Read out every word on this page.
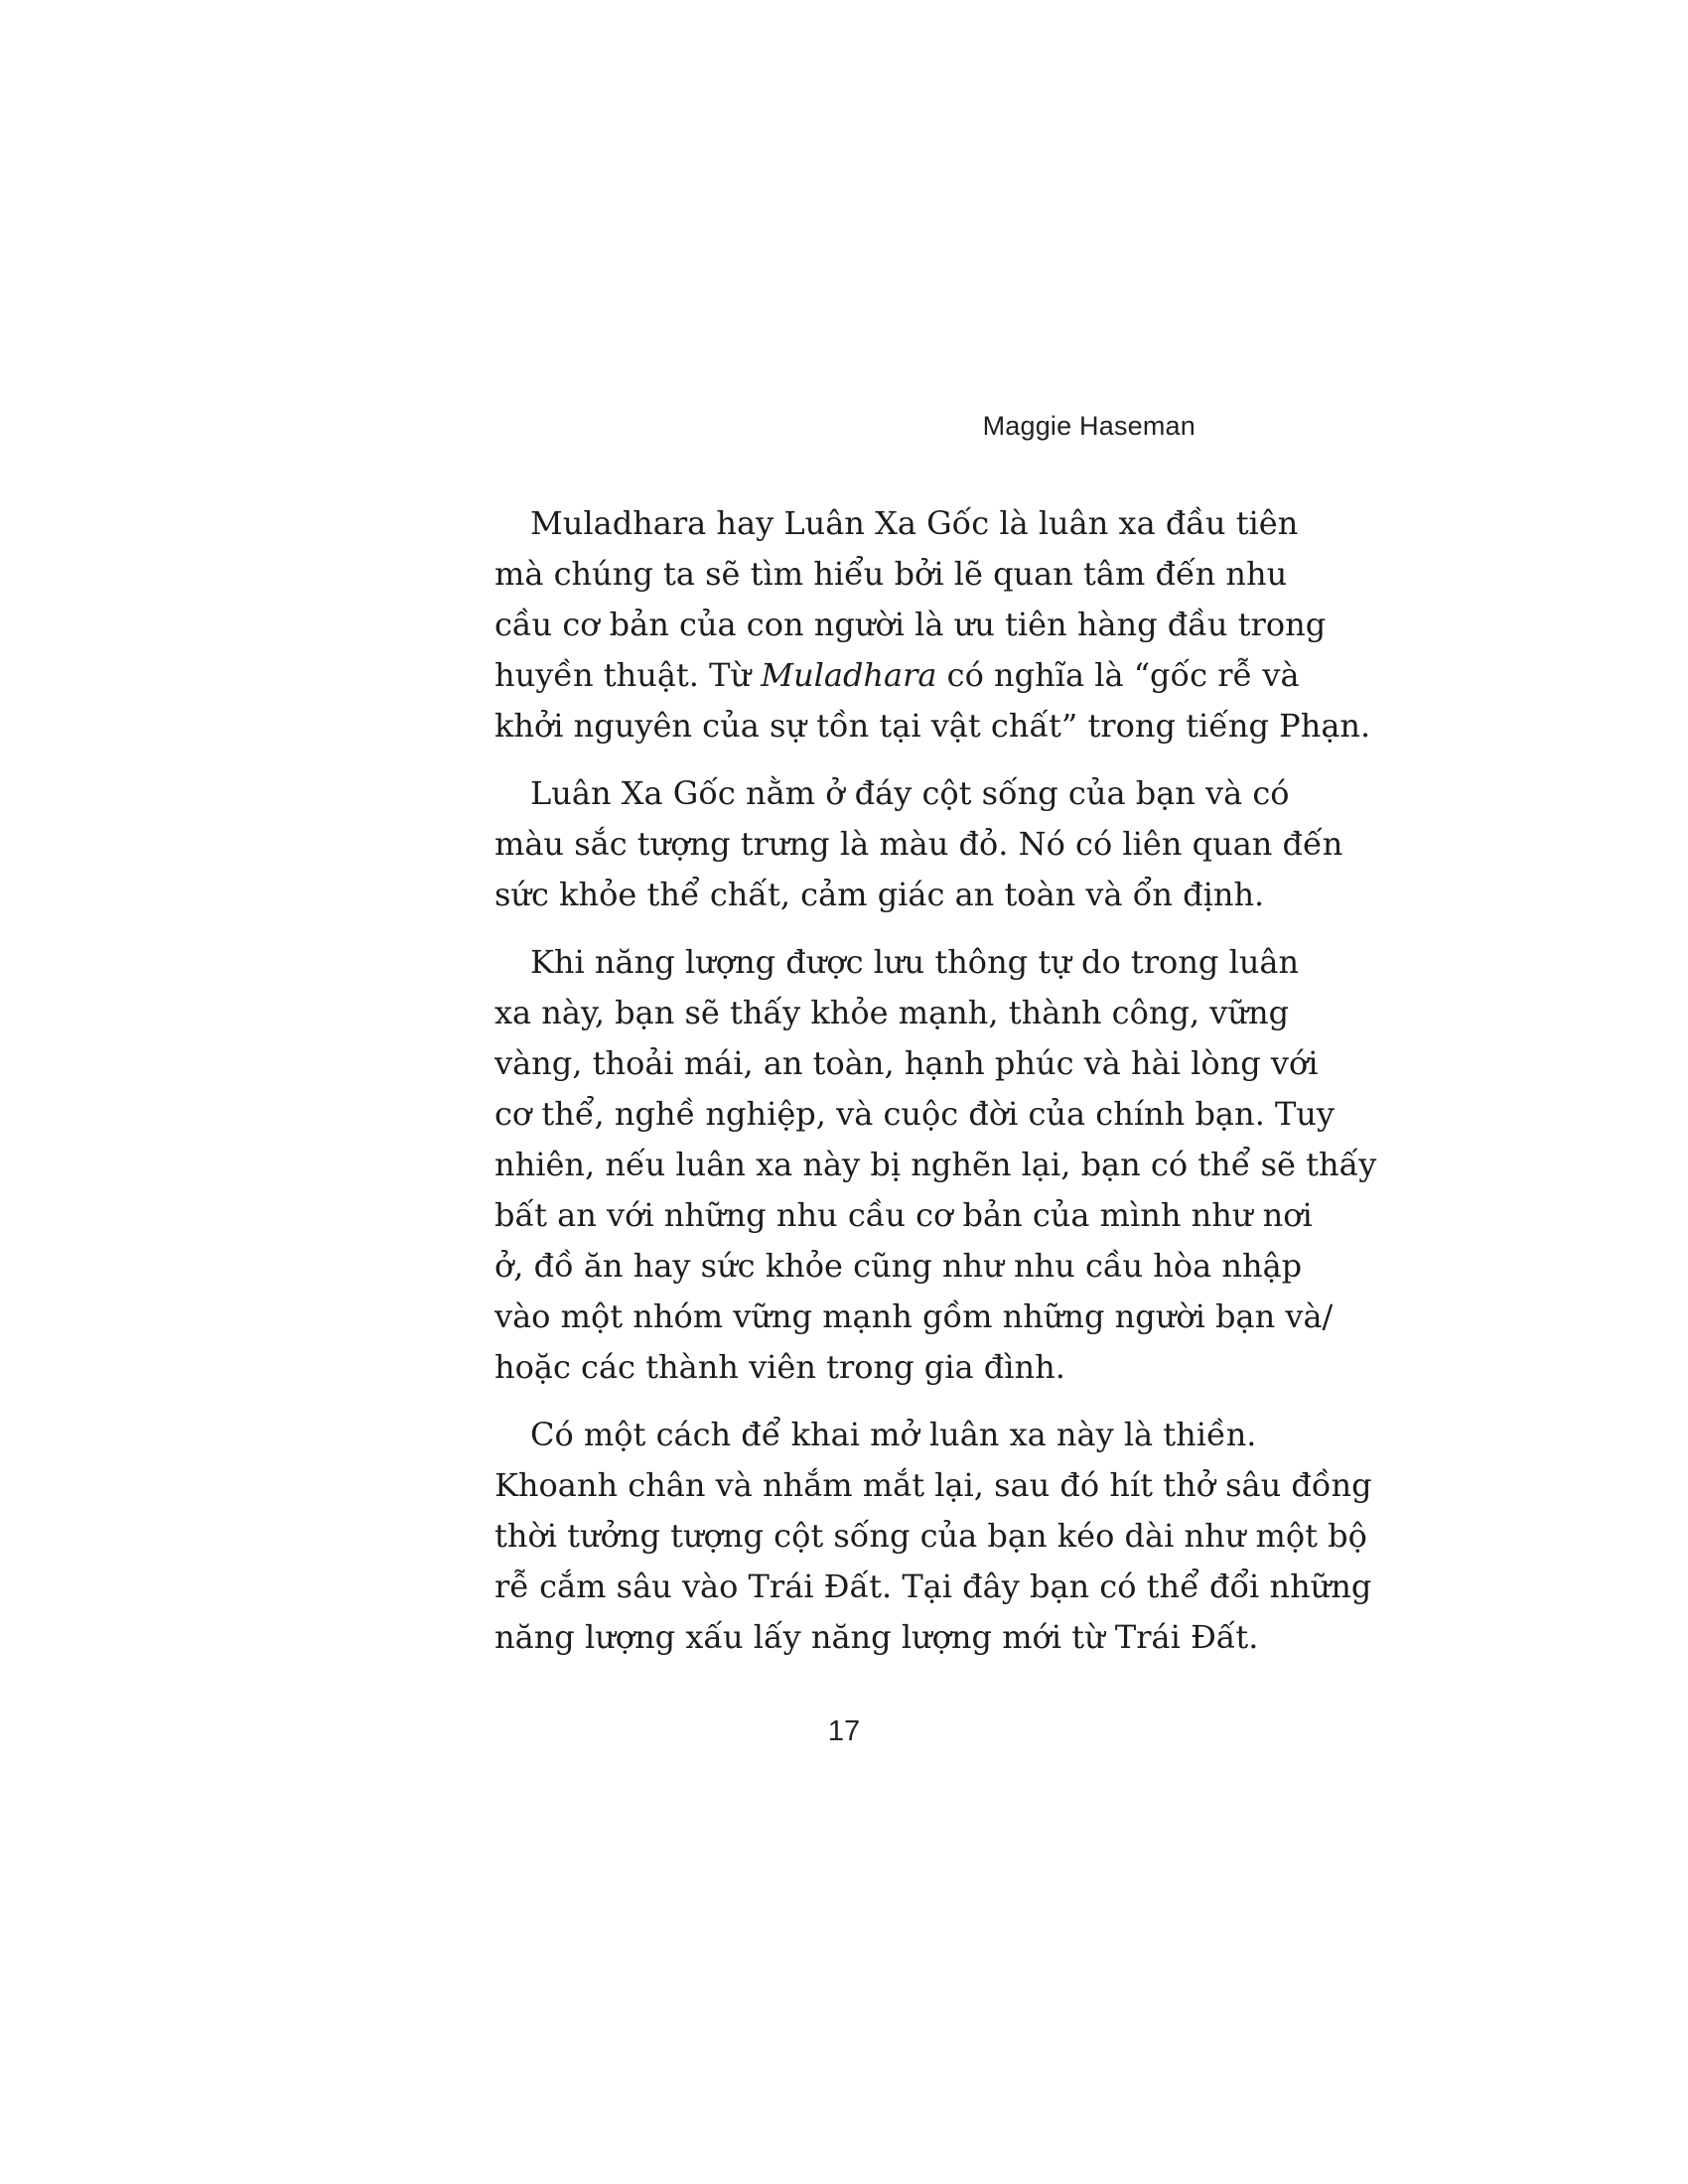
Maggie Haseman
Muladhara hay Luân Xa Gốc là luân xa đầu tiên
mà chúng ta sẽ tìm hiểu bởi lẽ quan tâm đến nhu
cầu cơ bản của con người là ưu tiên hàng đầu trong
huyền thuật. Từ Muladhara có nghĩa là “gốc rễ và
khởi nguyên của sự tồn tại vật chất” trong tiếng Phạn.
Luân Xa Gốc nằm ở đáy cột sống của bạn và có
màu sắc tượng trưng là màu đỏ. Nó có liên quan đến
sức khỏe thể chất, cảm giác an toàn và ổn định.
Khi năng lượng được lưu thông tự do trong luân
xa này, bạn sẽ thấy khỏe mạnh, thành công, vững
vàng, thoải mái, an toàn, hạnh phúc và hài lòng với
cơ thể, nghề nghiệp, và cuộc đời của chính bạn. Tuy
nhiên, nếu luân xa này bị nghẽn lại, bạn có thể sẽ thấy
bất an với những nhu cầu cơ bản của mình như nơi
ở, đồ ăn hay sức khỏe cũng như nhu cầu hòa nhập
vào một nhóm vững mạnh gồm những người bạn và/
hoặc các thành viên trong gia đình.
Có một cách để khai mở luân xa này là thiền.
Khoanh chân và nhắm mắt lại, sau đó hít thở sâu đồng
thời tưởng tượng cột sống của bạn kéo dài như một bộ
rễ cắm sâu vào Trái Đất. Tại đây bạn có thể đổi những
năng lượng xấu lấy năng lượng mới từ Trái Đất.
17
